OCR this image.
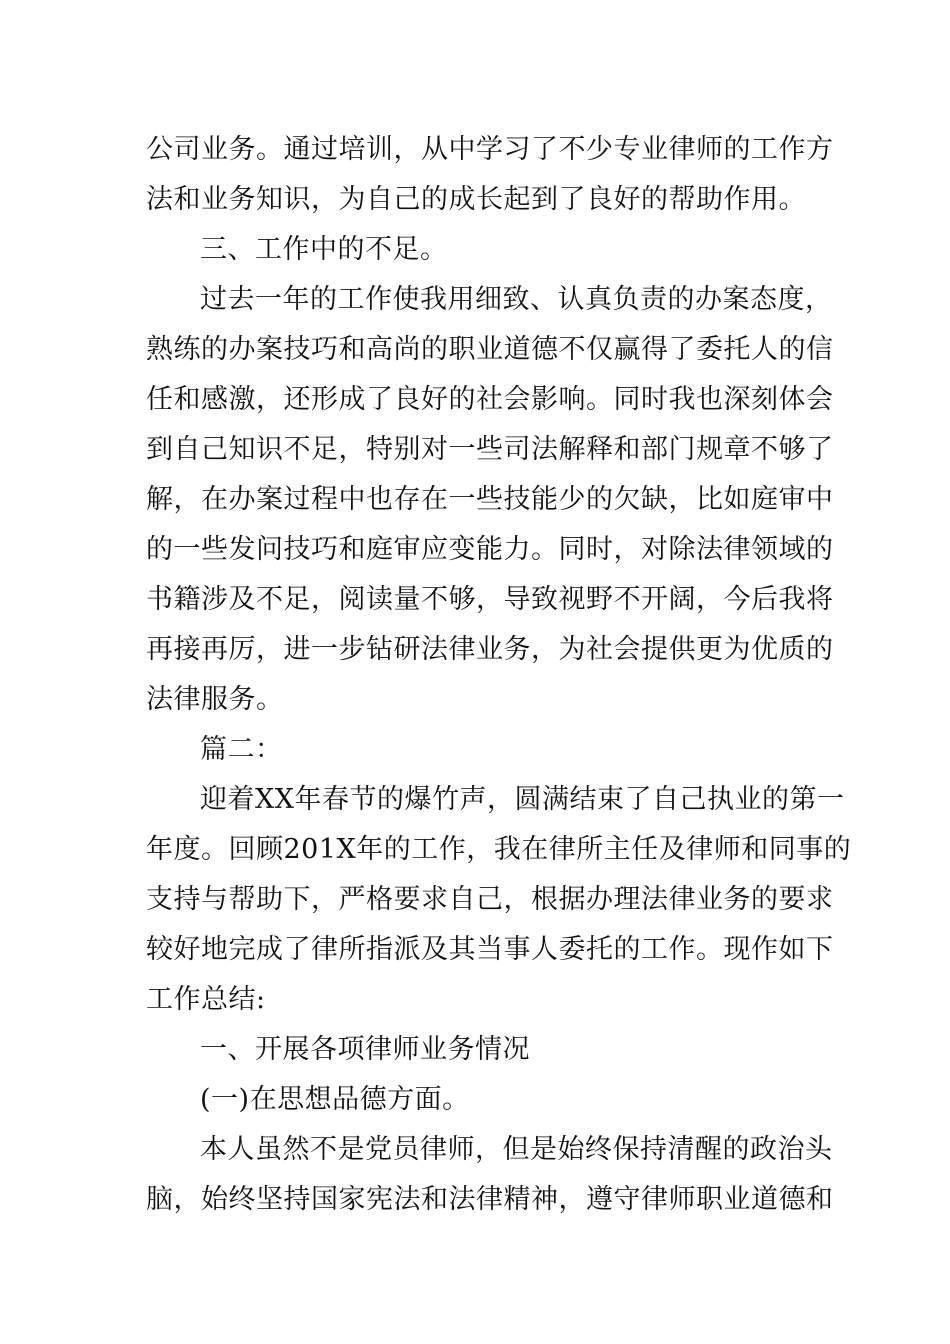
公司业务。通过培训，从中学习了不少专业律师的工作方
法和业务知识，为自己的成长起到了良好的帮助作用。
三、工作中的不足。
过去一年的工作使我用细致、认真负责的办案态度，
熟练的办案技巧和高尚的职业道德不仅赢得了委托人的信
任和感激，还形成了良好的社会影响。同时我也深刻体会
到自己知识不足，特别对一些司法解释和部门规章不够了
解，在办案过程中也存在一些技能少的欠缺，比如庭审中
的一些发问技巧和庭审应变能力。同时，对除法律领域的
书籍涉及不足，阅读量不够，导致视野不开阔，今后我将
再接再厉，进一步钻研法律业务，为社会提供更为优质的
法律服务。
篇二：
迎着XX年春节的爆竹声，圆满结束了自己执业的第一
年度。回顾201X年的工作，我在律所主任及律师和同事的
支持与帮助下，严格要求自己，根据办理法律业务的要求
较好地完成了律所指派及其当事人委托的工作。现作如下
工作总结:
一、开展各项律师业务情况
(一)在思想品德方面。
本人虽然不是党员律师，但是始终保持清醒的政治头
脑，始终坚持国家宪法和法律精神，遵守律师职业道德和
